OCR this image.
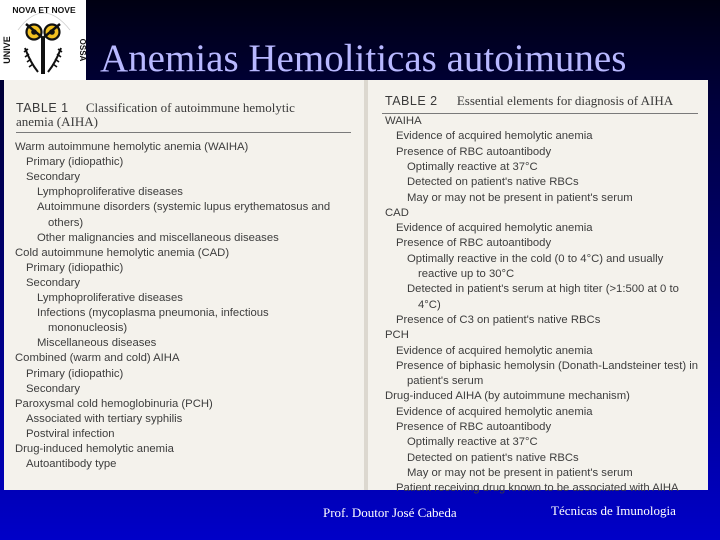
NOVA ET NOVE
UNIVE	OSSA Anemias Hemoliticas autoimunes
TABLE 1 Classification of autoimmune hemolytic
anemia (AIHA)
Warm autoimmune hemolytic anemia (WAIHA)
Primary (idiopathic)
Secondary
Lymphoproliferative diseases
Autoimmune disorders (systemic lupus erythematosus and
others)
Other malignancies and miscellaneous diseases
Cold autoimmune hemolytic anemia (CAD)
Primary (idiopathic)
Secondary
Lymphoproliferative diseases
Infections (mycoplasma pneumonia, infectious
mononucleosis)
Miscellaneous diseases
Combined (warm and cold) AIHA
Primary (idiopathic)
Secondary
Paroxysmal cold hemoglobinuria (PCH)
Associated with tertiary syphilis
Postviral infection
Drug-induced hemolytic anemia
Autoantibody type
TABLE 2 Essential elements for diagnosis of AIHA
WAIHA
Evidence of acquired hemolytic anemia
Presence of RBC autoantibody
Optimally reactive at 37°C
Detected on patient's native RBCs
May or may not be present in patient's serum
CAD
Evidence of acquired hemolytic anemia
Presence of RBC autoantibody
Optimally reactive in the cold (0 to 4°C) and usually
reactive up to 30°C
Detected in patient's serum at high titer (>1:500 at 0 to
4°C)
Presence of C3 on patient's native RBCs
PCH
Evidence of acquired hemolytic anemia
Presence of biphasic hemolysin (Donath-Landsteiner test) in
patient's serum
Drug-induced AIHA (by autoimmune mechanism)
Evidence of acquired hemolytic anemia
Presence of RBC autoantibody
Optimally reactive at 37°C
Detected on patient's native RBCs
May or may not be present in patient's serum
Patient receiving drug known to be associated with AIHA
Prof. Doutor José Cabeda	Técnicas de Imunologia
